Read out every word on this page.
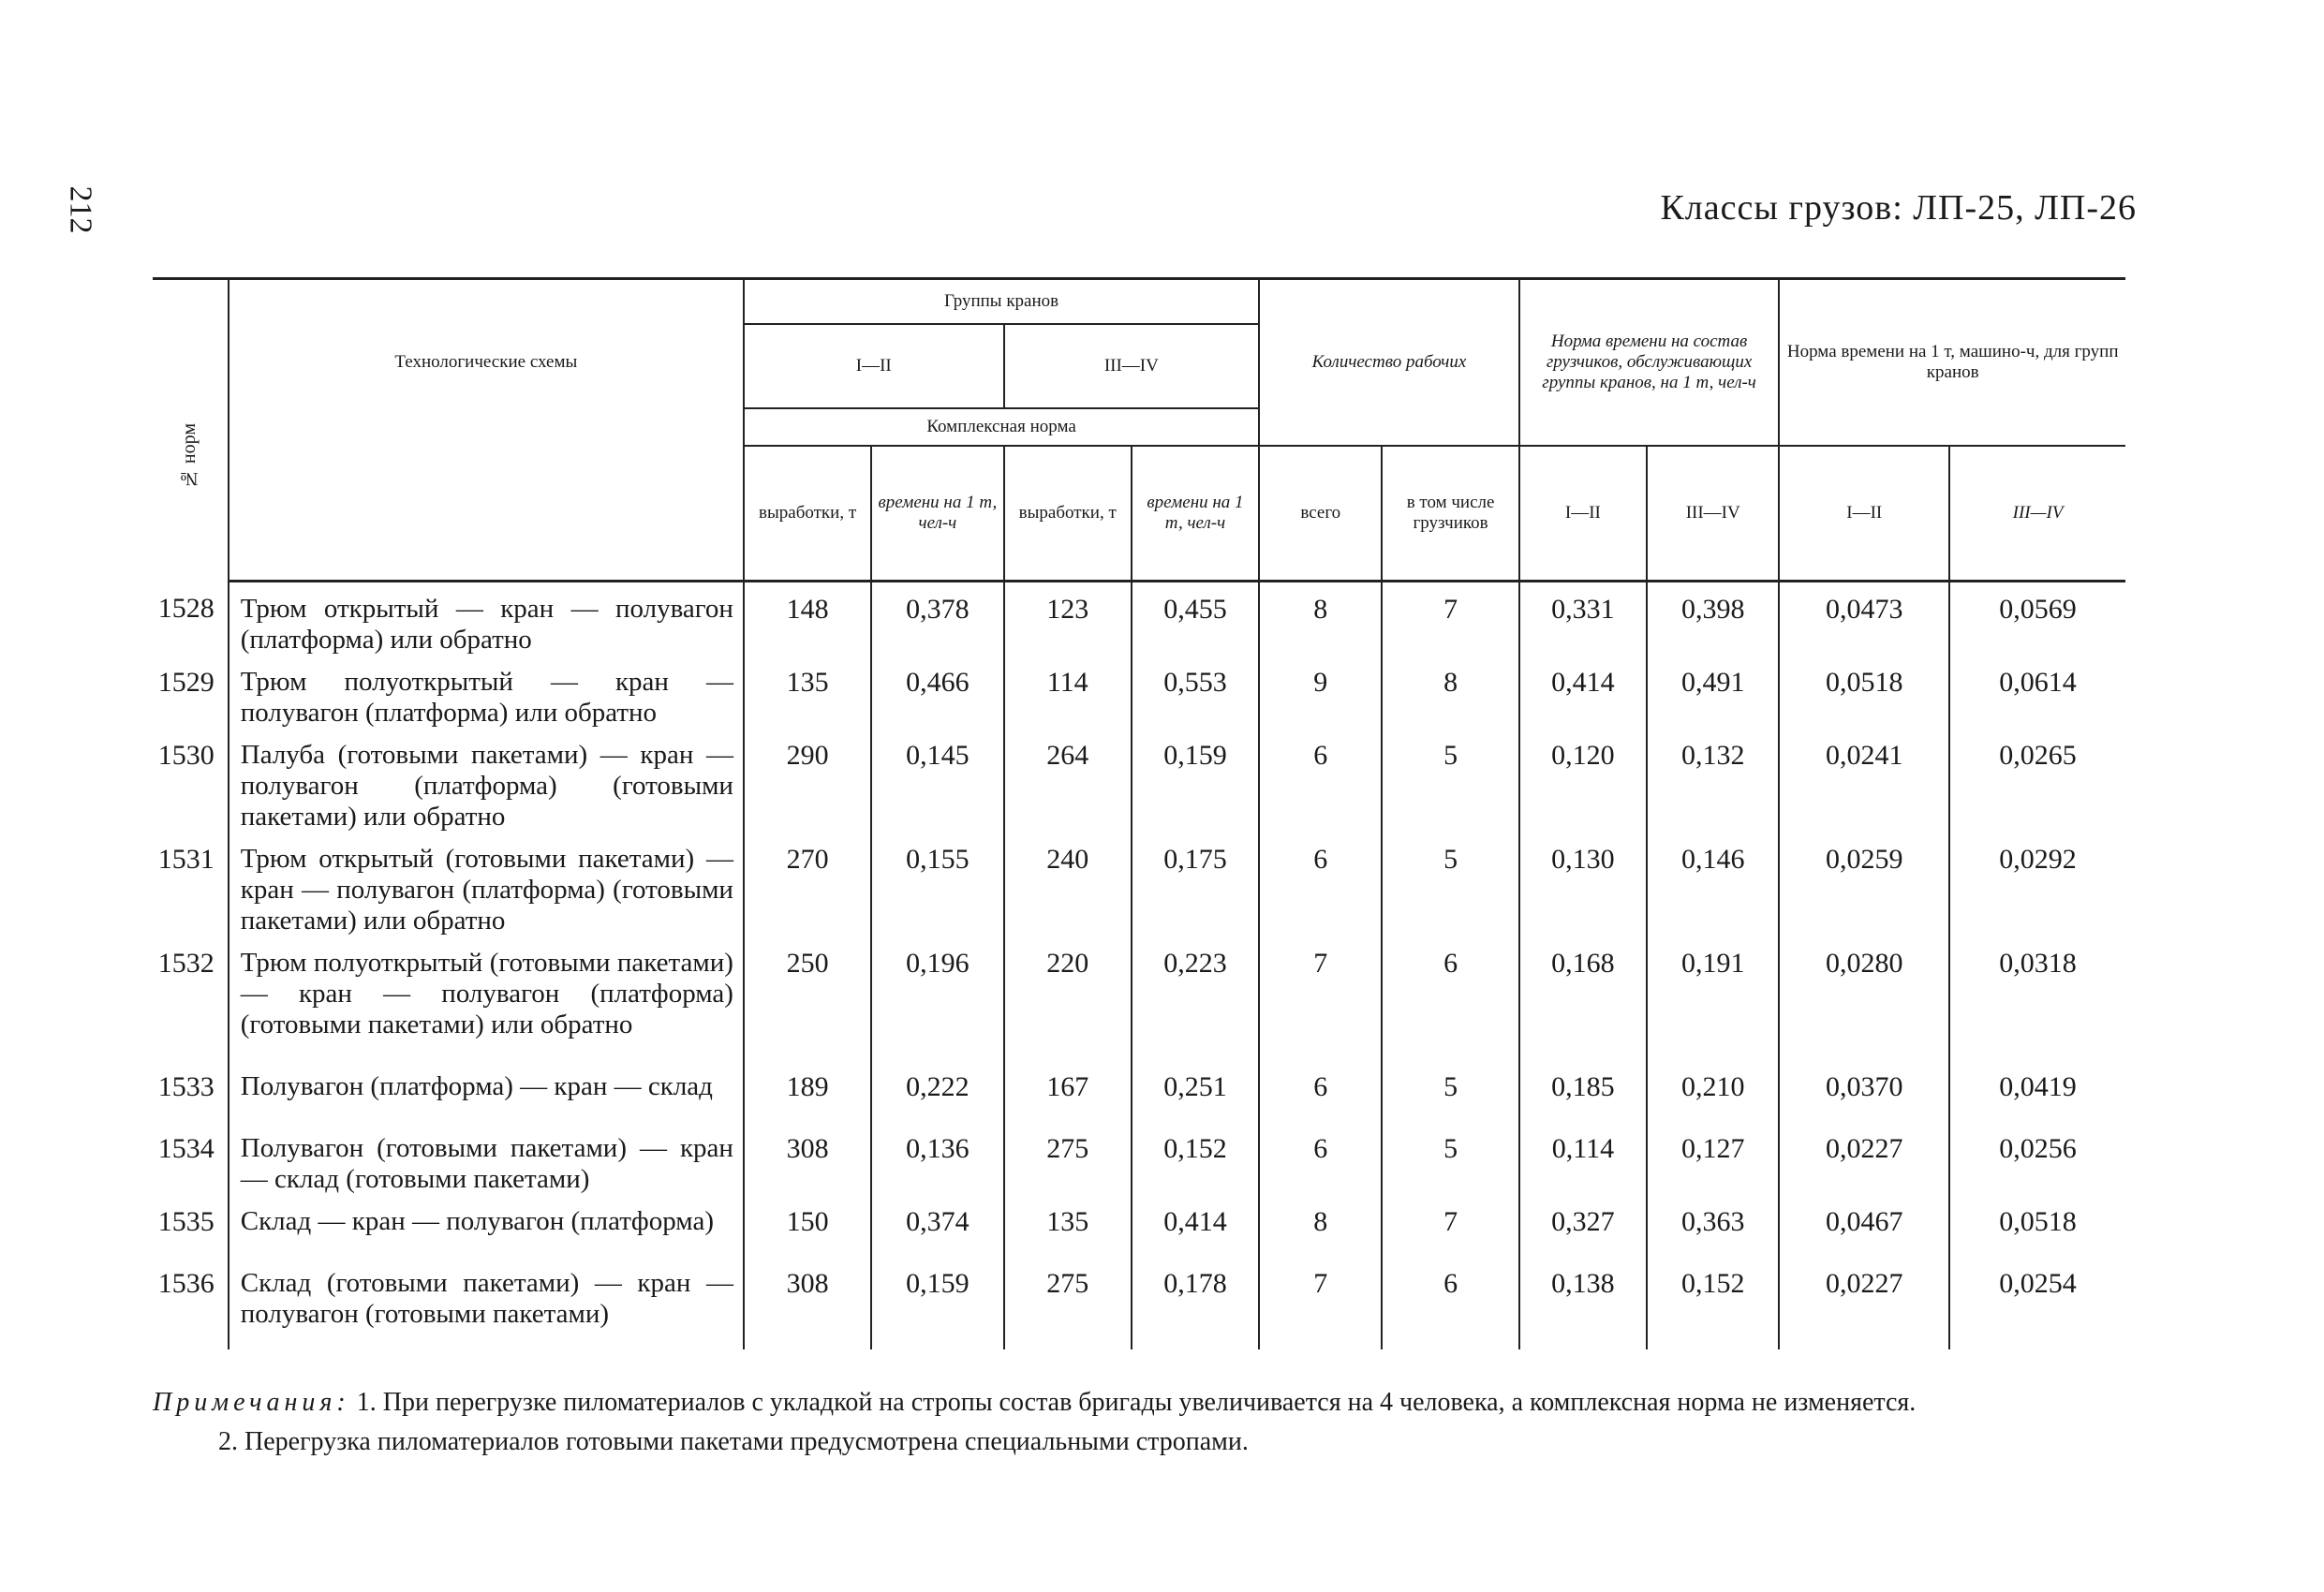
212	Классы грузов: ЛП-25, ЛП-26
№ норм	Технологические схемы	Группы кранов				Количество рабочих		Норма времени на состав грузчиков, обслуживающих группы кранов, на 1 т, чел-ч		Норма времени на 1 т, машино-ч, для групп кранов	
		I—II		III—IV							
		Комплексная норма									
		выработки, т	времени на 1 т, чел-ч	выработки, т	времени на 1 т, чел-ч	всего	в том числе грузчиков	I—II	III—IV	I—II	III—IV
1528	Трюм открытый — кран — полувагон (платформа) или обратно	148	0,378	123	0,455	8	7	0,331	0,398	0,0473	0,0569
1529	Трюм полуоткрытый — кран — полувагон (платформа) или обратно	135	0,466	114	0,553	9	8	0,414	0,491	0,0518	0,0614
1530	Палуба (готовыми пакетами) — кран — полувагон (платформа) (готовыми пакетами) или обратно	290	0,145	264	0,159	6	5	0,120	0,132	0,0241	0,0265
1531	Трюм открытый (готовыми пакетами) — кран — полувагон (платформа) (готовыми пакетами) или обратно	270	0,155	240	0,175	6	5	0,130	0,146	0,0259	0,0292
1532	Трюм полуоткрытый (готовыми пакетами) — кран — полувагон (платформа) (готовыми пакетами) или обратно	250	0,196	220	0,223	7	6	0,168	0,191	0,0280	0,0318
1533	Полувагон (платформа) — кран — склад	189	0,222	167	0,251	6	5	0,185	0,210	0,0370	0,0419
1534	Полувагон (готовыми пакетами) — кран — склад (готовыми пакетами)	308	0,136	275	0,152	6	5	0,114	0,127	0,0227	0,0256
1535	Склад — кран — полувагон (платформа)	150	0,374	135	0,414	8	7	0,327	0,363	0,0467	0,0518
1536	Склад (готовыми пакетами) — кран — полувагон (готовыми пакетами)	308	0,159	275	0,178	7	6	0,138	0,152	0,0227	0,0254

Примечания: 1. При перегрузке пиломатериалов с укладкой на стропы состав бригады увеличивается на 4 человека, а комплексная норма не изменяется.

2. Перегрузка пиломатериалов готовыми пакетами предусмотрена специальными стропами.
